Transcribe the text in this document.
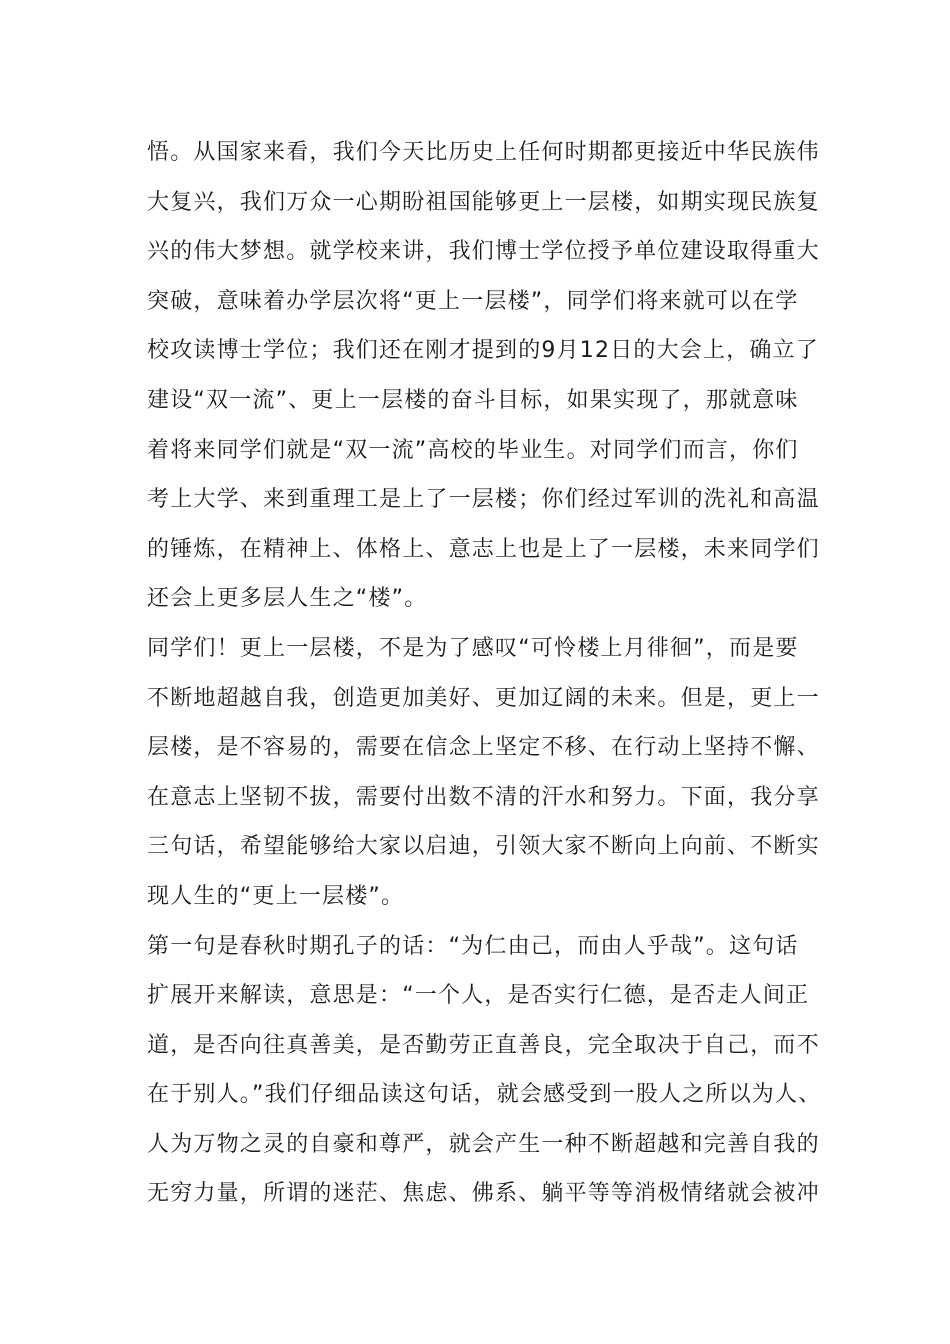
悟。从国家来看，我们今天比历史上任何时期都更接近中华民族伟
大复兴，我们万众一心期盼祖国能够更上一层楼，如期实现民族复
兴的伟大梦想。就学校来讲，我们博士学位授予单位建设取得重大
突破，意味着办学层次将“更上一层楼”，同学们将来就可以在学
校攻读博士学位；我们还在刚才提到的9月12日的大会上，确立了
建设“双一流”、更上一层楼的奋斗目标，如果实现了，那就意味
着将来同学们就是“双一流”高校的毕业生。对同学们而言，你们
考上大学、来到重理工是上了一层楼；你们经过军训的洗礼和高温
的锤炼，在精神上、体格上、意志上也是上了一层楼，未来同学们
还会上更多层人生之“楼”。
同学们！更上一层楼，不是为了感叹“可怜楼上月徘徊”，而是要
不断地超越自我，创造更加美好、更加辽阔的未来。但是，更上一
层楼，是不容易的，需要在信念上坚定不移、在行动上坚持不懈、
在意志上坚韧不拔，需要付出数不清的汗水和努力。下面，我分享
三句话，希望能够给大家以启迪，引领大家不断向上向前、不断实
现人生的“更上一层楼”。
第一句是春秋时期孔子的话：“为仁由己，而由人乎哉”。这句话
扩展开来解读，意思是：“一个人，是否实行仁德，是否走人间正
道，是否向往真善美，是否勤劳正直善良，完全取决于自己，而不
在于别人。”我们仔细品读这句话，就会感受到一股人之所以为人、
人为万物之灵的自豪和尊严，就会产生一种不断超越和完善自我的
无穷力量，所谓的迷茫、焦虑、佛系、躺平等等消极情绪就会被冲
